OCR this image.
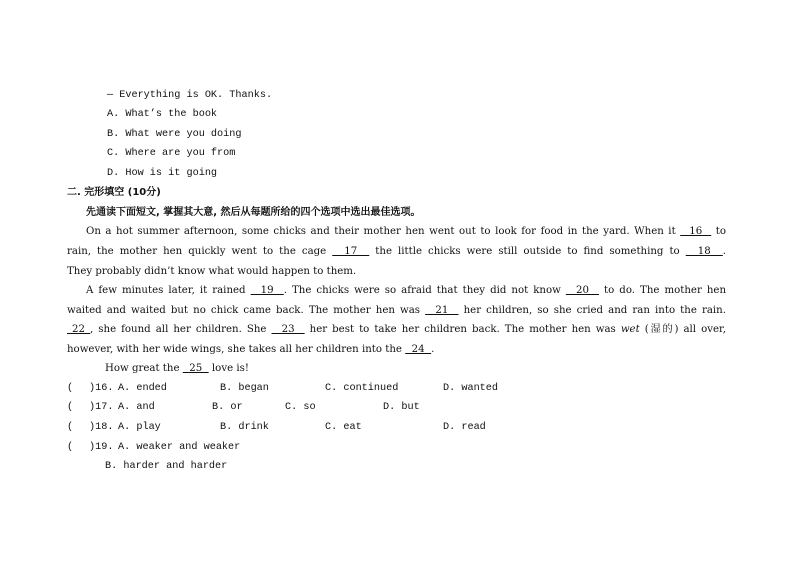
— Everything is OK. Thanks.
A. What’s the book
B. What were you doing
C. Where are you from
D. How is it going
二. 完形填空 (10分)
先通读下面短文, 掌握其大意, 然后从每题所给的四个选项中选出最佳选项。
On a hot summer afternoon, some chicks and their mother hen went out to look for food in the yard. When it   16   to
rain, the mother hen quickly went to the cage   17   the little chicks were still outside to find something to   18  .
They probably didn’t know what would happen to them.
A few minutes later, it rained   19  . The chicks were so afraid that they did not know   20   to do. The mother hen
waited and waited but no chick came back. The mother hen was   21   her children, so she cried and ran into the rain.
22 , she found all her children. She   23   her best to take her children back. The mother hen was wet (湿的) all over,
however, with her wide wings, she takes all her children into the   24  .
How great the   25   love is!
( )16. A. ended	B. began	C. continued	D. wanted
( )17. A. and	B. or	C. so	D. but
( )18. A. play	B. drink	C. eat	D. read
( )19. A. weaker and weaker
B. harder and harder
